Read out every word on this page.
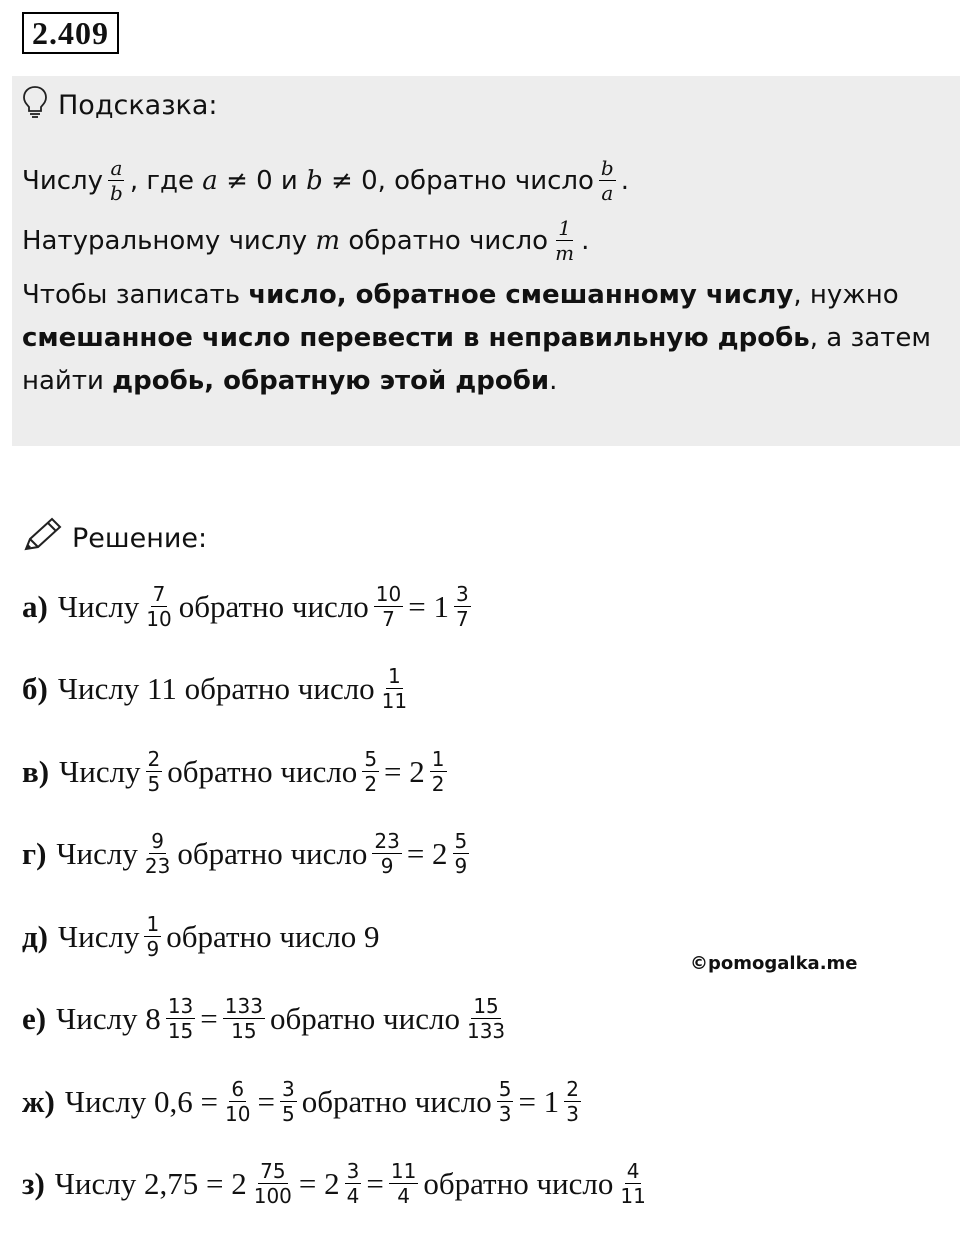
2.409
Подсказка:
Числу $\frac{a}{b}$ , где
a
≠ 0 и
b
≠ 0, обратно число $\frac{b}{a}$ .
Натуральному числу
m
обратно число $\frac{1}{m}$ .
Чтобы записать число, обратное смешанному числу , нужно
смешанное число перевести в неправильную дробь , а затем
найти дробь, обратную этой дроби .
Решение:
а) Числу $\frac{7}{10}$ обратно число $\frac{10}{7} = 1 \frac{3}{7}$
б) Числу 11 обратно число $\frac{1}{11}$
в) Числу $\frac{2}{5}$ обратно число $\frac{5}{2} = 2 \frac{1}{2}$
г) Числу $\frac{9}{23}$ обратно число $\frac{23}{9} = 2 \frac{5}{9}$
д) Числу $\frac{1}{9}$ обратно число 9
©pomogalka.me
е) Числу $8 \frac{13}{15} = \frac{133}{15}$ обратно число $\frac{15}{133}$
ж) Числу $0,6 = \frac{6}{10} = \frac{3}{5}$ обратно число $\frac{5}{3} = 1 \frac{2}{3}$
з) Числу $2,75 = 2 \frac{75}{100} = 2 \frac{3}{4} = \frac{11}{4}$ обратно число $\frac{4}{11}$
